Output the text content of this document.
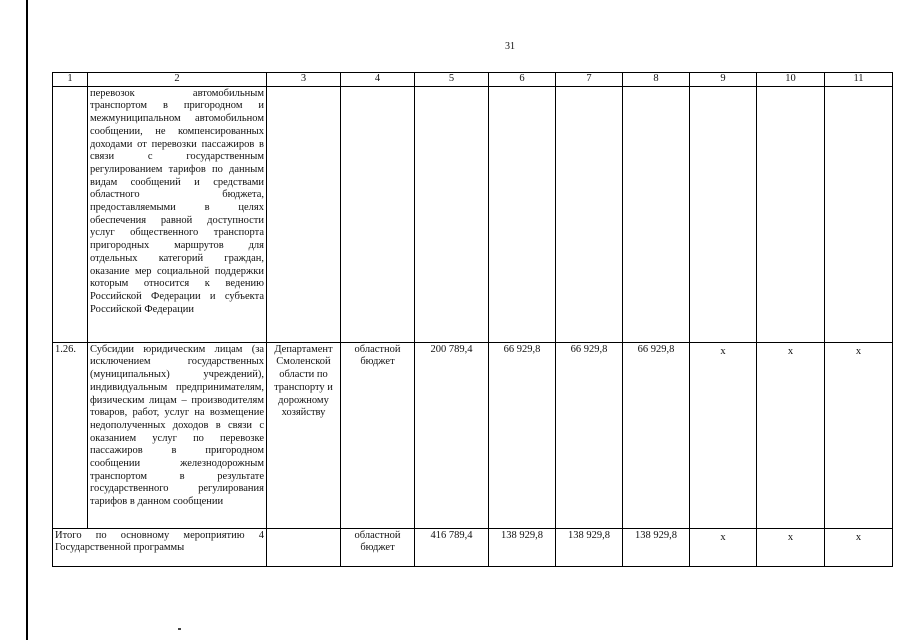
31
1	2	3	4	5	6	7	8	9	10	11
	перевозок автомобильным транспортом в пригородном и межмуниципальном автомобильном сообщении, не компенсированных доходами от перевозки пассажиров в связи с государственным регулированием тарифов по данным видам сообщений и средствами областного бюджета, предоставляемыми в целях обеспечения равной доступности услуг общественного транспорта пригородных маршрутов для отдельных категорий граждан, оказание мер социальной поддержки которым относится к ведению Российской Федерации и субъекта Российской Федерации									
1.26.	Субсидии юридическим лицам (за исключением государственных (муниципальных) учреждений), индивидуальным предпринимателям, физическим лицам – производителям товаров, работ, услуг на возмещение недополученных доходов в связи с оказанием услуг по перевозке пассажиров в пригородном сообщении железнодорожным транспортом в результате государственного регулирования тарифов в данном сообщении	Департамент Смоленской области по транспорту и дорожному хозяйству	областной бюджет	200 789,4	66 929,8	66 929,8	66 929,8	x	x	x
Итого по основному мероприятию 4 Государственной программы			областной бюджет	416 789,4	138 929,8	138 929,8	138 929,8	x	x	x
